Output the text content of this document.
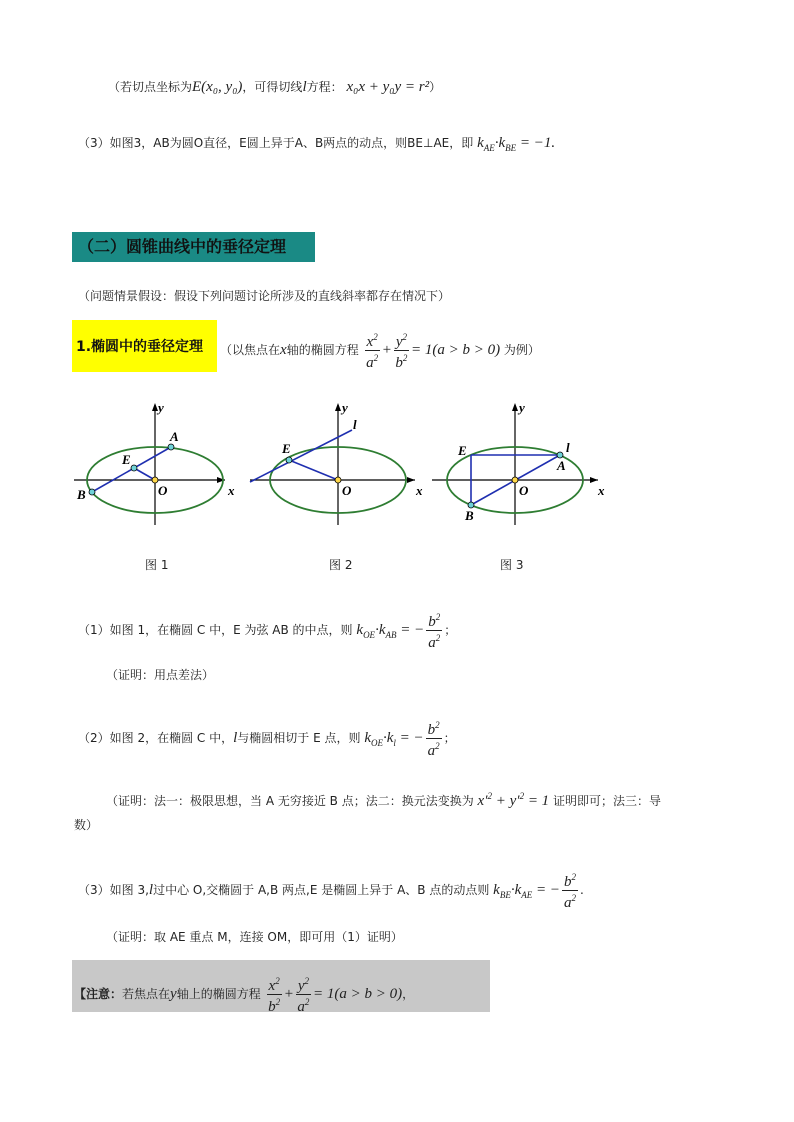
（若切点坐标为E(x₀, y₀)，可得切线l方程： x₀x + y₀y = r²）
（3）如图3，AB为圆O直径，E圆上异于A、B两点的动点，则BE⊥AE，即 $k_{AE}\cdot k_{BE} = -1$.
（二）圆锥曲线中的垂径定理
（问题情景假设：假设下列问题讨论所涉及的直线斜率都存在情况下）
1.椭圆中的垂径定理 （以焦点在x轴的椭圆方程 $\frac{x^2}{a^2} + \frac{y^2}{b^2} = 1(a > b > 0)$ 为例）
y
x
A
B
E
O
y
x
E
O
l
y
x
A
B
E
O
l
图 1	图 2	图 3
（1）如图 1，在椭圆 C 中，E 为弦 AB 的中点，则 $k_{OE}\cdot k_{AB}$ = − $\frac{b^2}{a^2}$ ；
（证明：用点差法）
（2）如图 2，在椭圆 C 中，l与椭圆相切于 E 点，则 $k_{OE}\cdot k_l$ = − $\frac{b^2}{a^2}$ ；
（证明：法一：极限思想，当 A 无穷接近 B 点；法二：换元法变换为 $x'^2 + y'^2 = 1$ 证明即可；法三：导
数）
（3）如图 3,l过中心 O,交椭圆于 A,B 两点,E 是椭圆上异于 A、B 点的动点则 $k_{BE}\cdot k_{AE}$ = − $\frac{b^2}{a^2}$ .
（证明：取 AE 重点 M，连接 OM，即可用（1）证明）
【注意：若焦点在y轴上的椭圆方程 $\frac{x^2}{b^2} + \frac{y^2}{a^2} = 1(a > b > 0)$，
